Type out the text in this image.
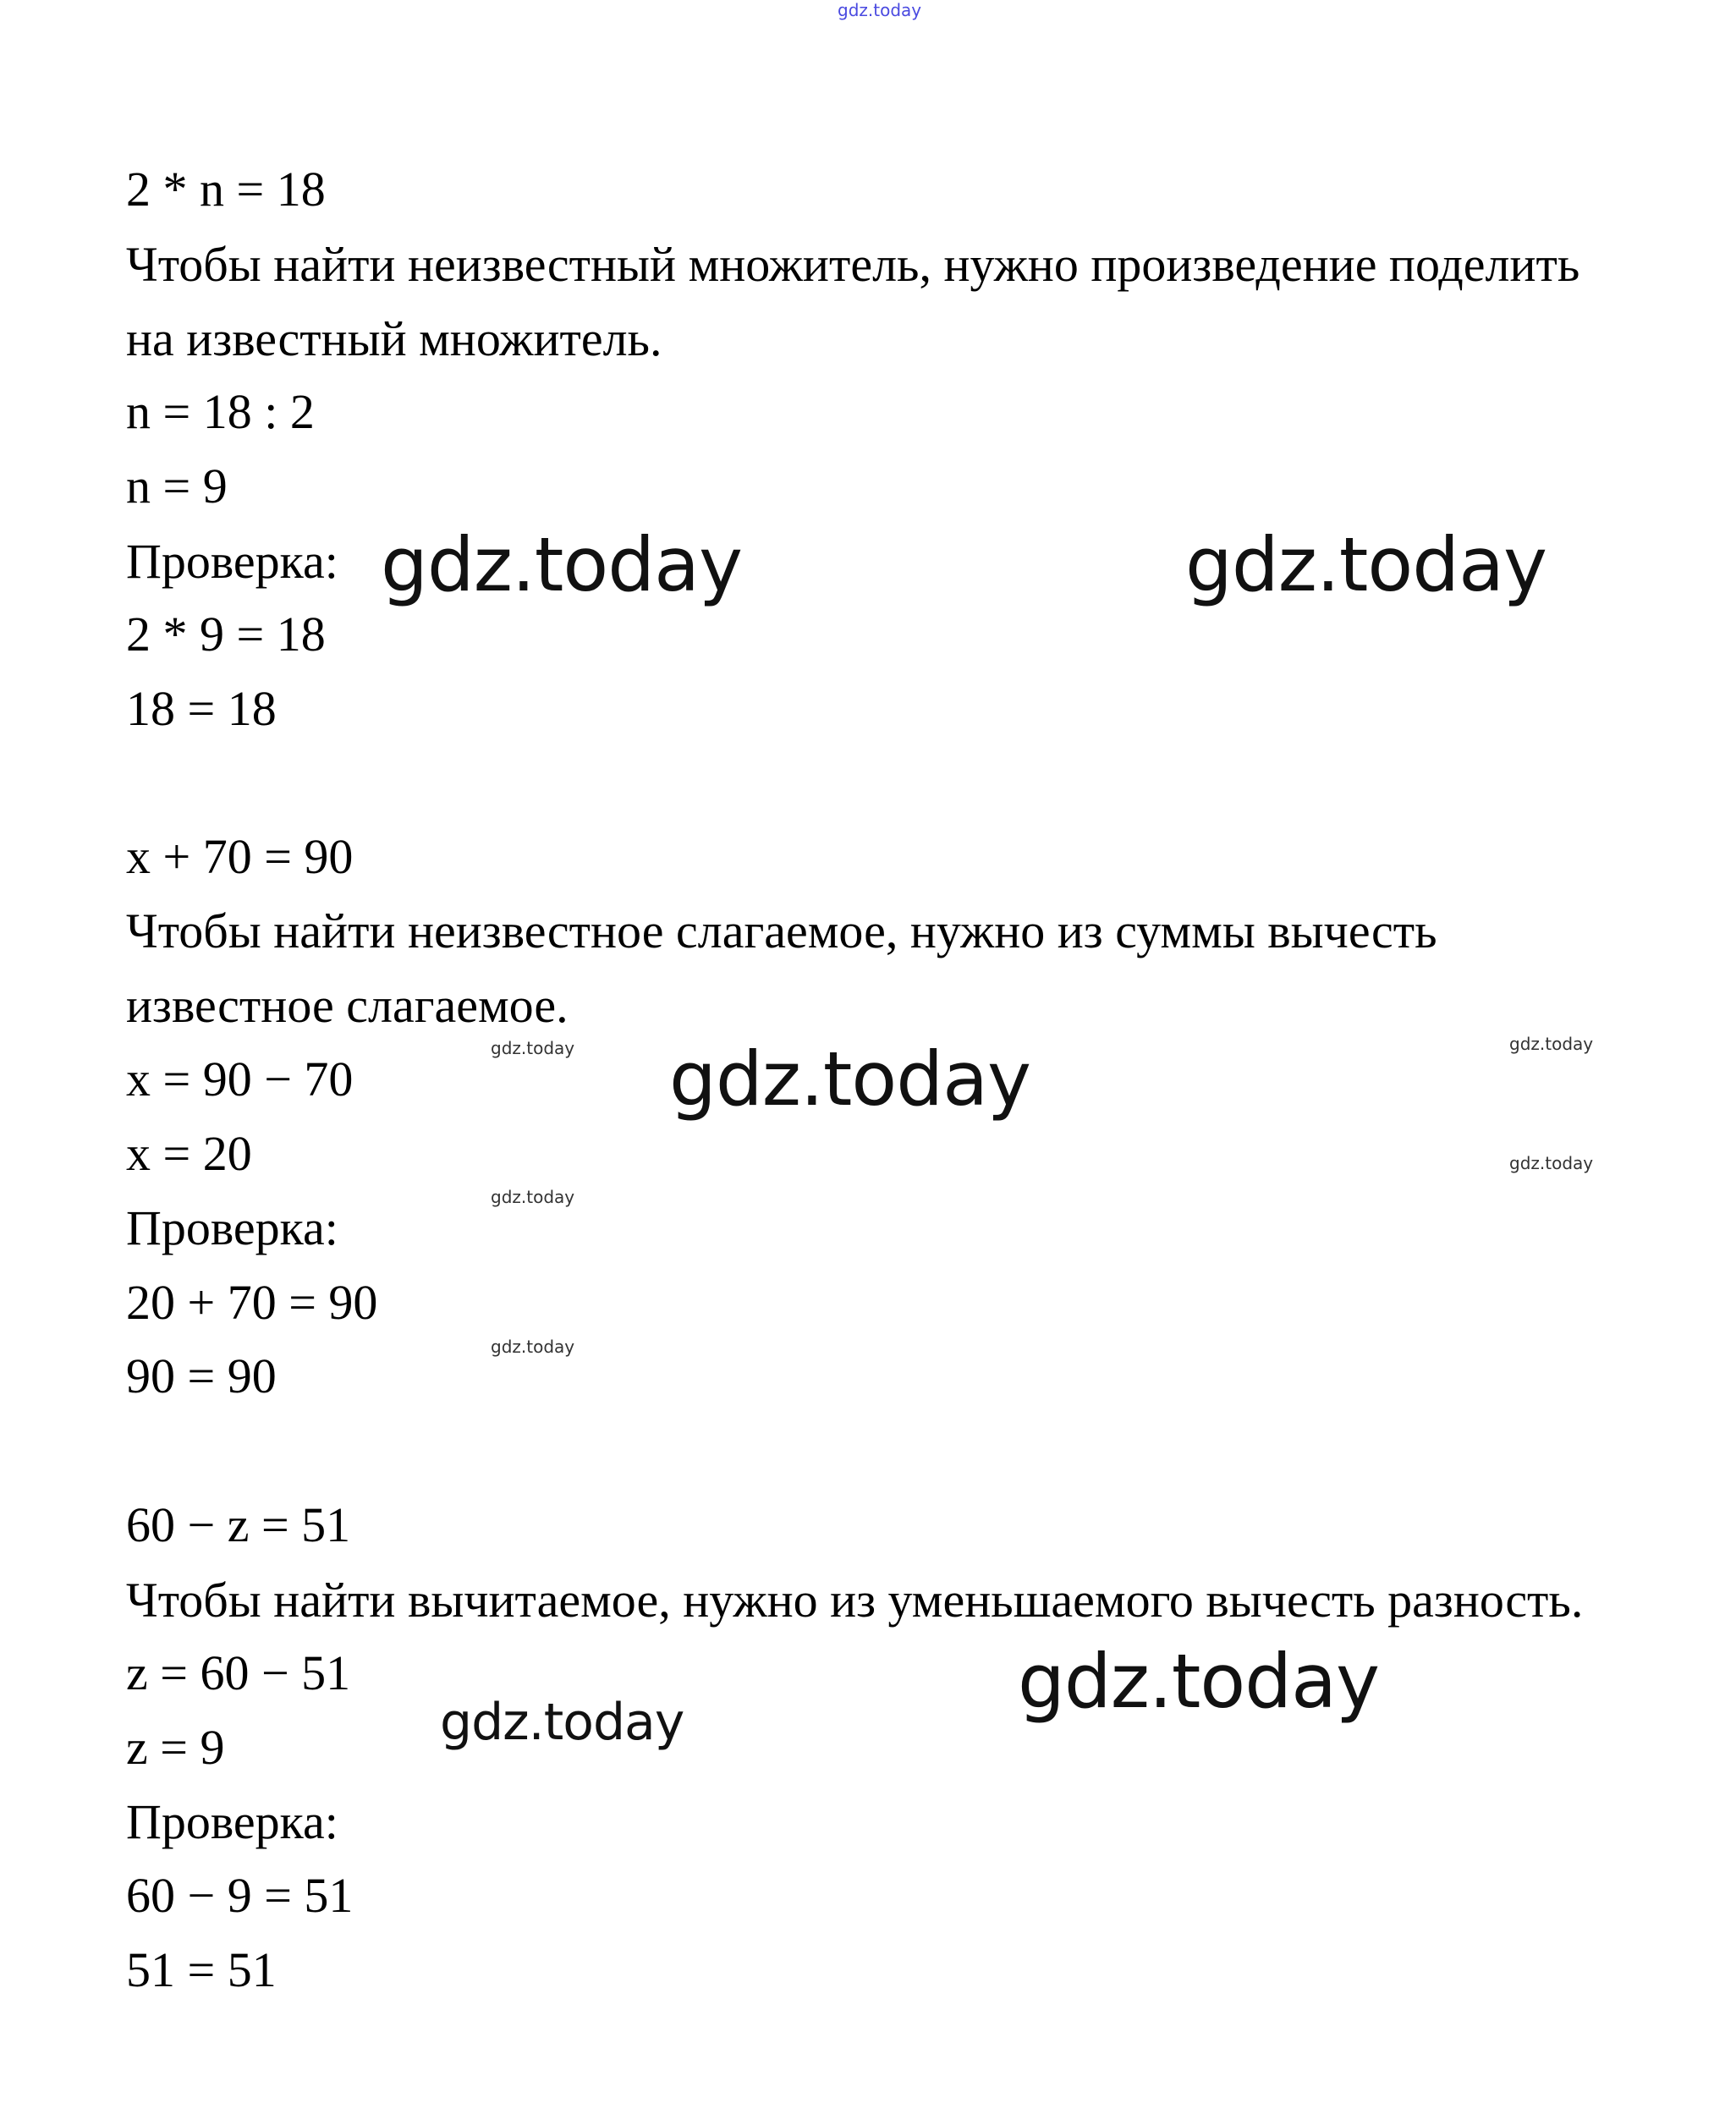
gdz.today
2 * n = 18
Чтобы найти неизвестный множитель, нужно произведение поделить
на известный множитель.
n = 18 : 2
n = 9
Проверка:
2 * 9 = 18
18 = 18
x + 70 = 90
Чтобы найти неизвестное слагаемое, нужно из суммы вычесть
известное слагаемое.
x = 90 − 70
x = 20
Проверка:
20 + 70 = 90
90 = 90
60 − z = 51
Чтобы найти вычитаемое, нужно из уменьшаемого вычесть разность.
z = 60 − 51
z = 9
Проверка:
60 − 9 = 51
51 = 51
gdz.today	gdz.today
gdz.today
gdz.today
gdz.today
gdz.today	gdz.today
gdz.today
gdz.today
gdz.today
